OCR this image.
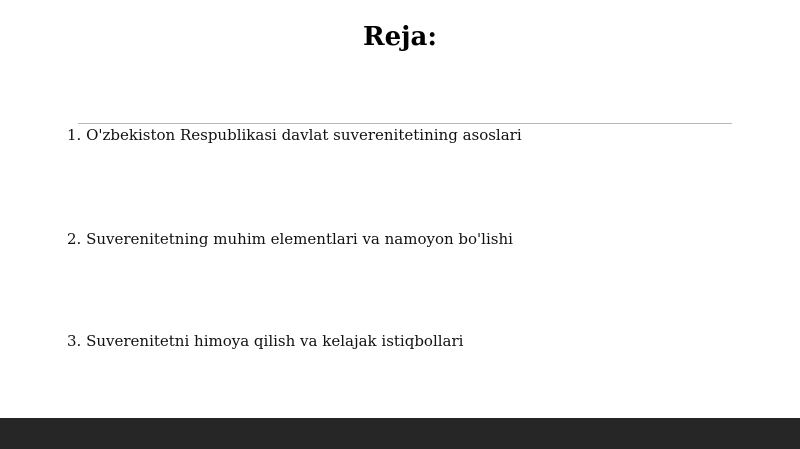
Reja:
1. O'zbekiston Respublikasi davlat suverenitetining asoslari
2. Suverenitetning muhim elementlari va namoyon bo'lishi
3. Suverenitetni himoya qilish va kelajak istiqbollari
